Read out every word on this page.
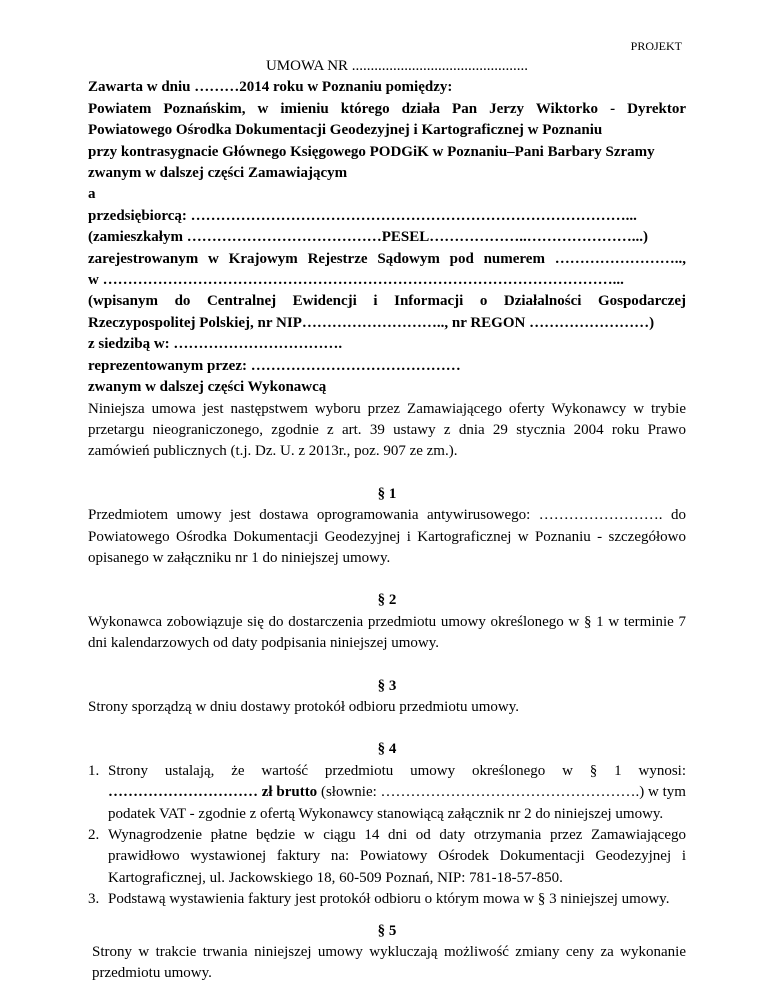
PROJEKT
UMOWA NR ...............................................
Zawarta w dniu ………2014 roku w Poznaniu pomiędzy:
Powiatem Poznańskim, w imieniu którego działa Pan Jerzy Wiktorko - Dyrektor
Powiatowego Ośrodka Dokumentacji Geodezyjnej i Kartograficznej w Poznaniu
przy kontrasygnacie Głównego Księgowego PODGiK w Poznaniu–Pani Barbary Szramy
zwanym w dalszej części Zamawiającym
a
przedsiębiorcą: ……………………………………………………………………………...
(zamieszkałym …………………………………PESEL………………..…………………...)
zarejestrowanym w Krajowym Rejestrze Sądowym pod numerem ……………………..,
w …………………………………………………………………………………………...
(wpisanym do Centralnej Ewidencji i Informacji o Działalności Gospodarczej
Rzeczypospolitej Polskiej, nr NIP……………………….., nr REGON ……………………)
z siedzibą w: …………………………….
reprezentowanym przez: ……………………………………
zwanym w dalszej części Wykonawcą
Niniejsza umowa jest następstwem wyboru przez Zamawiającego oferty Wykonawcy w trybie przetargu nieograniczonego, zgodnie z art. 39 ustawy z dnia 29 stycznia 2004 roku Prawo zamówień publicznych (t.j. Dz. U. z 2013r., poz. 907 ze zm.).
§ 1
Przedmiotem umowy jest dostawa oprogramowania antywirusowego: ……………………. do Powiatowego Ośrodka Dokumentacji Geodezyjnej i Kartograficznej w Poznaniu - szczegółowo opisanego w załączniku nr 1 do niniejszej umowy.
§ 2
Wykonawca zobowiązuje się do dostarczenia przedmiotu umowy określonego w § 1 w terminie 7 dni kalendarzowych od daty podpisania niniejszej umowy.
§ 3
Strony sporządzą w dniu dostawy protokół odbioru przedmiotu umowy.
§ 4
1. Strony ustalają, że wartość przedmiotu umowy określonego w § 1 wynosi: ………………………… zł brutto (słownie: …………………………………………….) w tym podatek VAT - zgodnie z ofertą Wykonawcy stanowiącą załącznik nr 2 do niniejszej umowy.
2. Wynagrodzenie płatne będzie w ciągu 14 dni od daty otrzymania przez Zamawiającego prawidłowo wystawionej faktury na: Powiatowy Ośrodek Dokumentacji Geodezyjnej i Kartograficznej, ul. Jackowskiego 18, 60-509 Poznań, NIP: 781-18-57-850.
3. Podstawą wystawienia faktury jest protokół odbioru o którym mowa w § 3 niniejszej umowy.
§ 5
Strony w trakcie trwania niniejszej umowy wykluczają możliwość zmiany ceny za wykonanie przedmiotu umowy.
